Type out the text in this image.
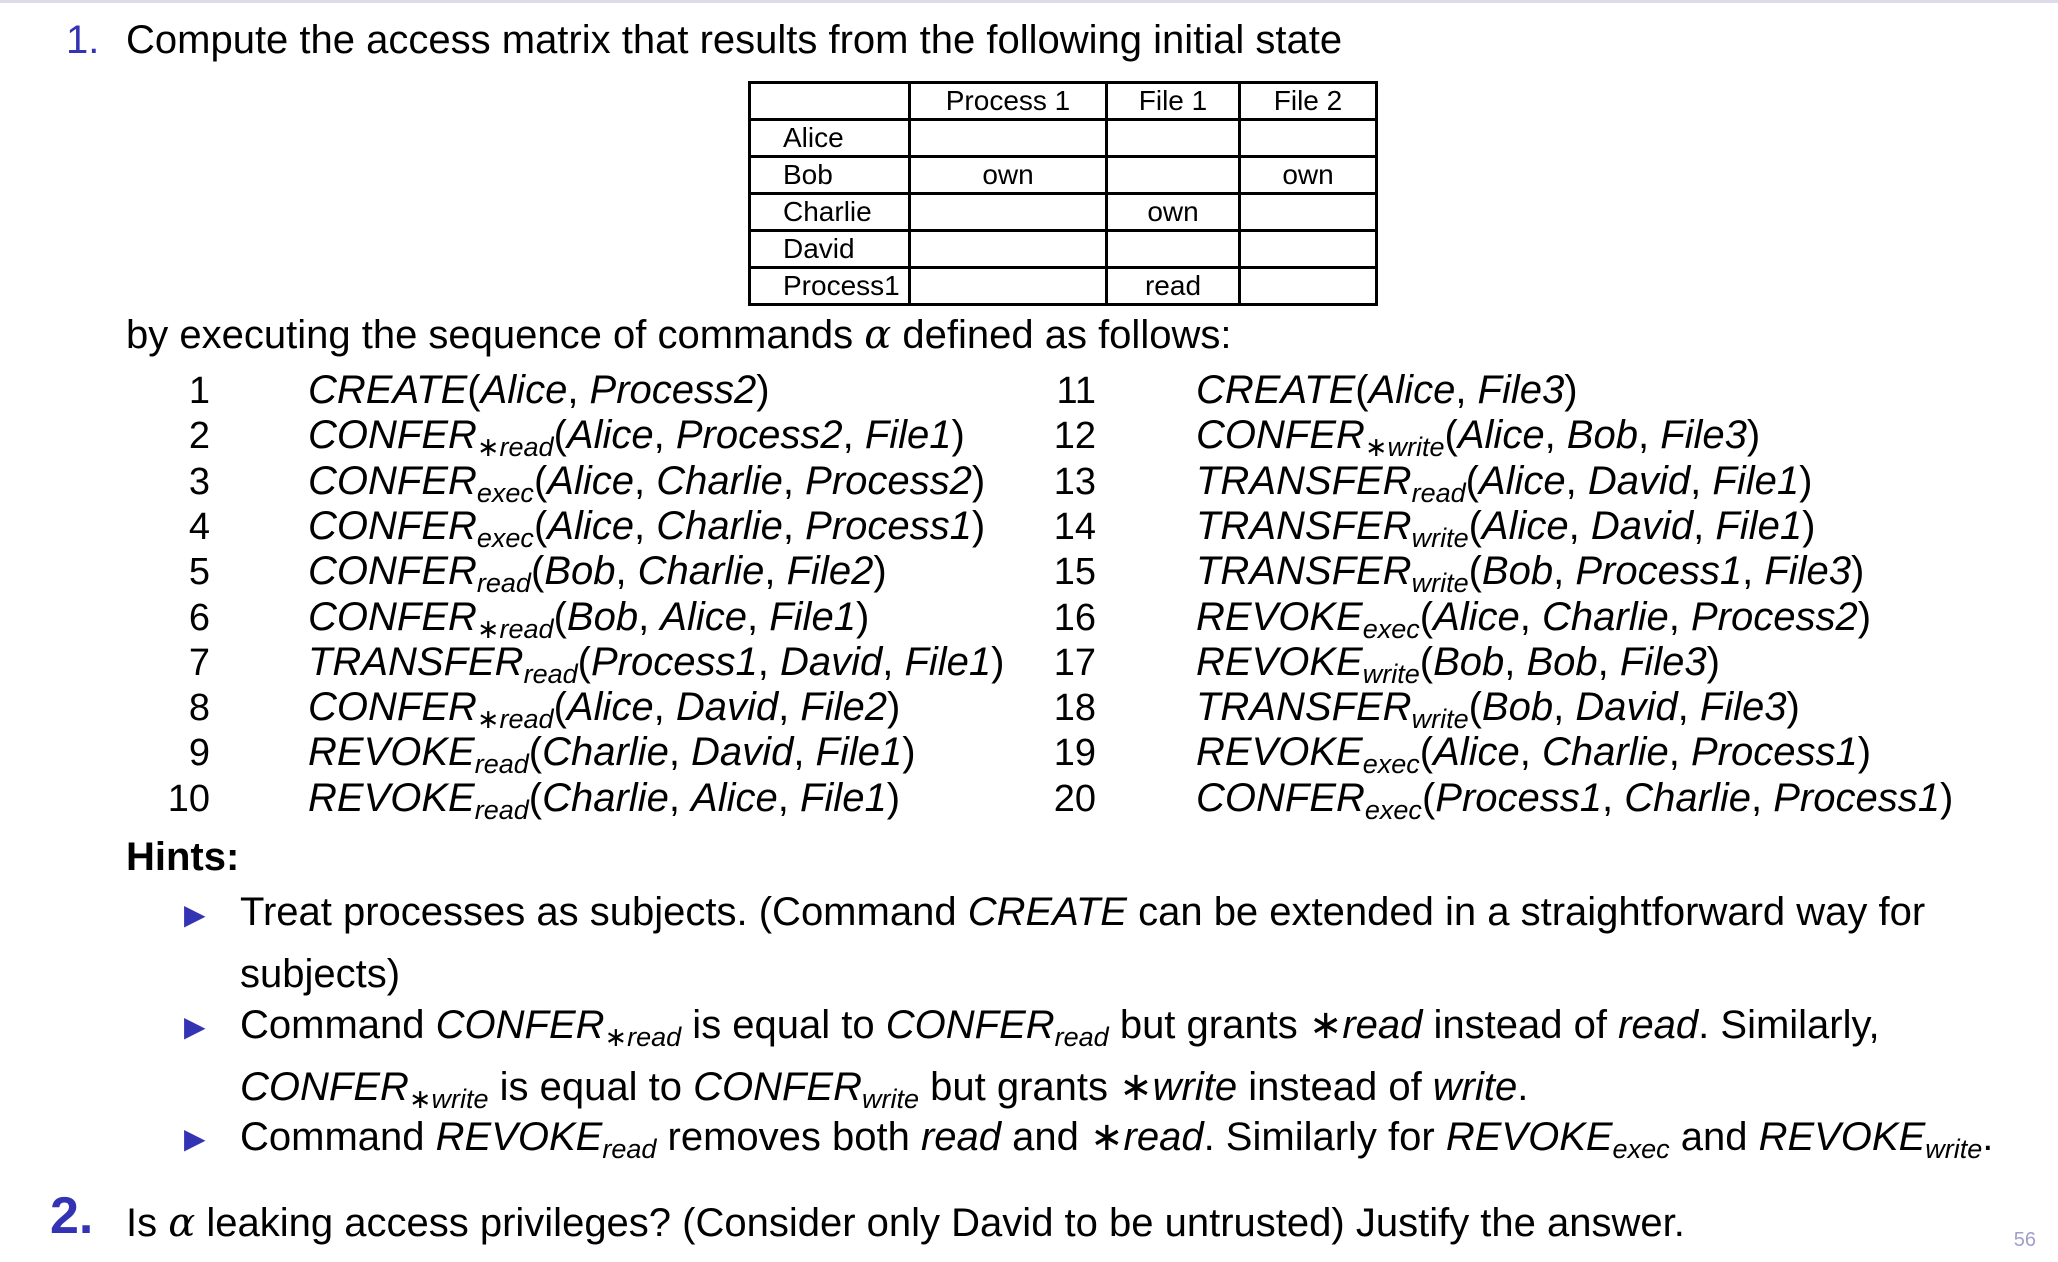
1. Compute the access matrix that results from the following initial state
	Process 1	File 1	File 2
Alice			
Bob	own		own
Charlie		own	
David			
Process1		read	
by executing the sequence of commands α defined as follows:
1 CREATE(Alice, Process2)
2 $CONFER_{∗read}(Alice$, Process2, File1)
3 $CONFER_{exec}(Alice$, Charlie, Process2)
4 $CONFER_{exec}(Alice$, Charlie, Process1)
5 $CONFER_{read}(Bob$, Charlie, File2)
6 $CONFER_{∗read}(Bob$, Alice, File1)
7 $TRANSFER_{read}(Process1$, David, File1)
8 $CONFER_{∗read}(Alice$, David, File2)
9 $REVOKE_{read}(Charlie$, David, File1)
10 $REVOKE_{read}(Charlie$, Alice, File1)
11	CREATE(Alice, File3)
12	$CONFER_{∗write}(Alice$, Bob, File3)
13	$TRANSFER_{read}(Alice$, David, File1)
14	$TRANSFER_{write}(Alice$, David, File1)
15	$TRANSFER_{write}(Bob$, Process1, File3)
16	$REVOKE_{exec}(Alice$, Charlie, Process2)
17	$REVOKE_{write}(Bob$, Bob, File3)
18	$TRANSFER_{write}(Bob$, David, File3)
19	$REVOKE_{exec}(Alice$, Charlie, Process1)
20	$CONFER_{exec}(Process1$, Charlie, Process1)
Hints:
▶ Treat processes as subjects. (Command CREATE can be extended in a straightforward way for
subjects)
▶ Command $CONFER_{∗read}$ is equal to $CONFER_{read}$ but grants ∗read instead of read. Similarly,
$CONFER_{∗write}$ is equal to $CONFER_{write}$ but grants ∗write instead of write.
▶ Command $REVOKE_{read}$ removes both read and ∗read. Similarly for $REVOKE_{exec}$ and $REVOKE_{write}$.
2. Is α leaking access privileges? (Consider only David to be untrusted) Justify the answer.	56
